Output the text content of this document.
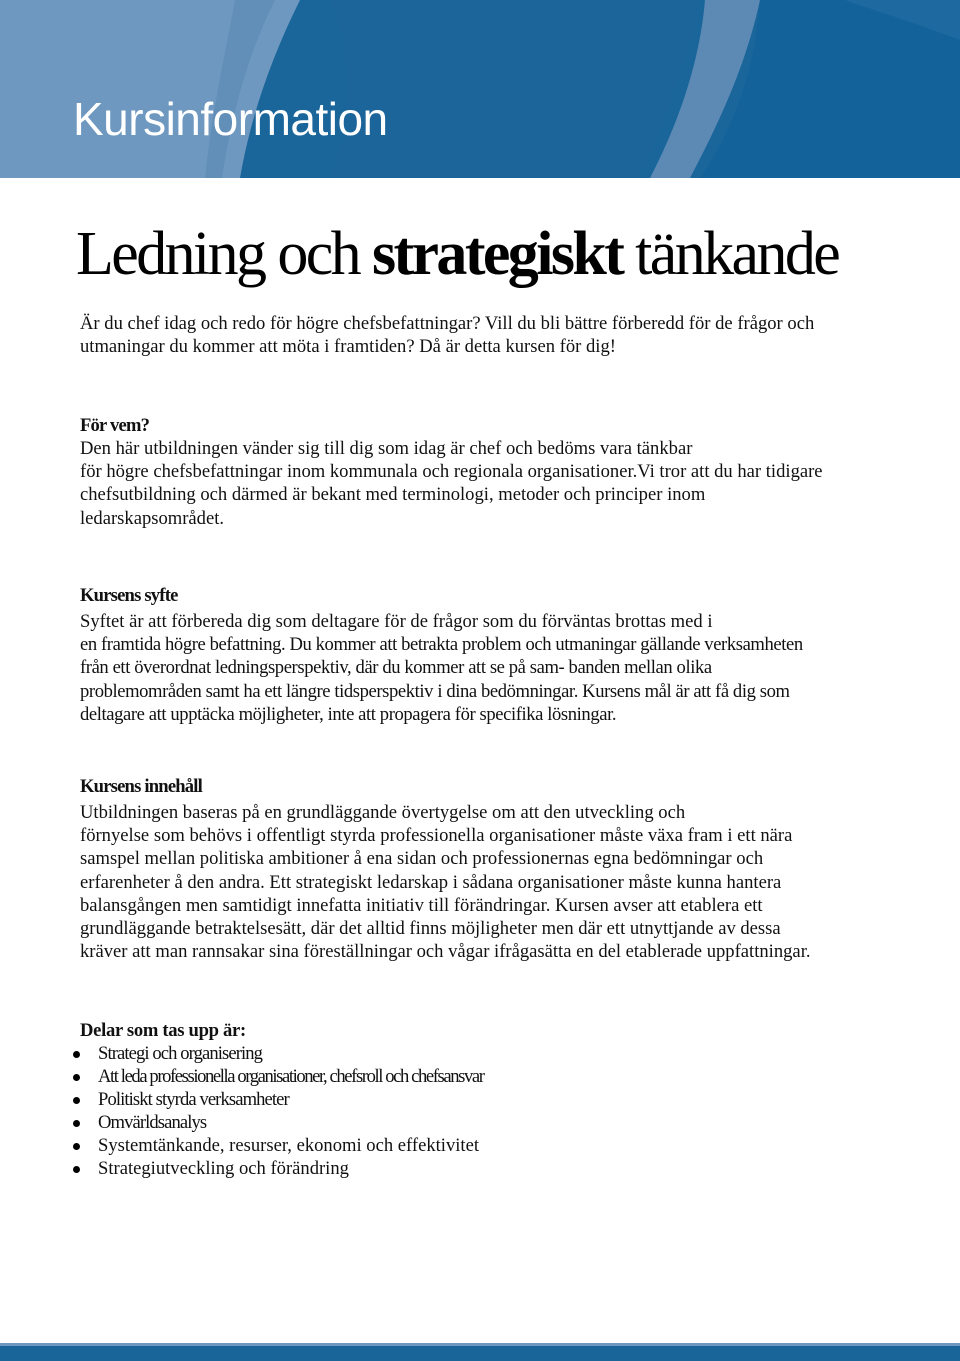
Kursinformation
Ledning och strategiskt tänkande

Är du chef idag och redo för högre chefsbefattningar? Vill du bli bättre förberedd för de frågor och

utmaningar du kommer att möta i framtiden? Då är detta kursen för dig!

För vem?

Den här utbildningen vänder sig till dig som idag är chef och bedöms vara tänkbar

för högre chefsbefattningar inom kommunala och regionala organisationer.Vi tror att du har tidigare

chefsutbildning och därmed är bekant med terminologi, metoder och principer inom

ledarskapsområdet.

Kursens syfte

Syftet är att förbereda dig som deltagare för de frågor som du förväntas brottas med i

en framtida högre befattning. Du kommer att betrakta problem och utmaningar gällande verksamheten

från ett överordnat ledningsperspektiv, där du kommer att se på sam- banden mellan olika

problemområden samt ha ett längre tidsperspektiv i dina bedömningar. Kursens mål är att få dig som

deltagare att upptäcka möjligheter, inte att propagera för specifika lösningar.

Kursens innehåll

Utbildningen baseras på en grundläggande övertygelse om att den utveckling och

förnyelse som behövs i offentligt styrda professionella organisationer måste växa fram i ett nära

samspel mellan politiska ambitioner å ena sidan och professionernas egna bedömningar och

erfarenheter å den andra. Ett strategiskt ledarskap i sådana organisationer måste kunna hantera

balansgången men samtidigt innefatta initiativ till förändringar. Kursen avser att etablera ett

grundläggande betraktelsesätt, där det alltid finns möjligheter men där ett utnyttjande av dessa

kräver att man rannsakar sina föreställningar och vågar ifrågasätta en del etablerade uppfattningar.

Delar som tas upp är:

Strategi och organisering
Att leda professionella organisationer, chefsroll och chefsansvar
Politiskt styrda verksamheter
Omvärldsanalys
Systemtänkande, resurser, ekonomi och effektivitet
Strategiutveckling och förändring
